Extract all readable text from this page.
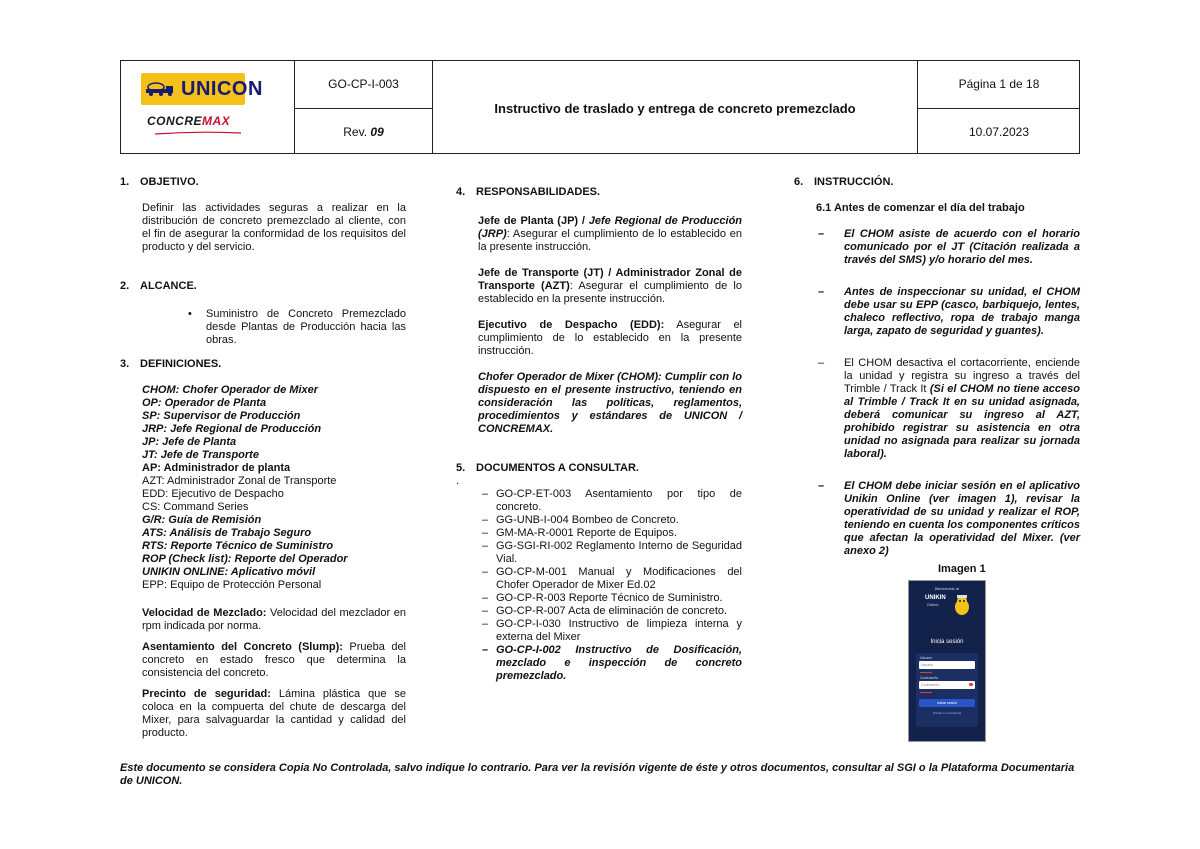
UNICON
CONCREMAX
GO-CP-I-003
Rev.
09
Instructivo de traslado y entrega de concreto premezclado
Página 1 de 18
10.07.2023
1. OBJETIVO.
Definir las actividades seguras a realizar en la distribución de concreto premezclado al cliente, con el fin de asegurar la conformidad de los requisitos del producto y del servicio.
2. ALCANCE.
• Suministro de Concreto Premezclado desde Plantas de Producción hacia las obras.
3. DEFINICIONES.
CHOM: Chofer Operador de Mixer
OP: Operador de Planta
SP: Supervisor de Producción
JRP: Jefe Regional de Producción
JP: Jefe de Planta
JT: Jefe de Transporte
AP: Administrador de planta
AZT: Administrador Zonal de Transporte
EDD: Ejecutivo de Despacho
CS: Command Series
G/R: Guía de Remisión
ATS: Análisis de Trabajo Seguro
RTS: Reporte Técnico de Suministro
ROP (Check list): Reporte del Operador
UNIKIN ONLINE: Aplicativo móvil
EPP: Equipo de Protección Personal
Velocidad de Mezclado: Velocidad del mezclador en rpm indicada por norma.
Asentamiento del Concreto (Slump): Prueba del concreto en estado fresco que determina la consistencia del concreto.
Precinto de seguridad: Lámina plástica que se coloca en la compuerta del chute de descarga del Mixer, para salvaguardar la cantidad y calidad del producto.
4. RESPONSABILIDADES.
Jefe de Planta (JP) / Jefe Regional de Producción (JRP): Asegurar el cumplimiento de lo establecido en la presente instrucción.
Jefe de Transporte (JT) / Administrador Zonal de Transporte (AZT): Asegurar el cumplimiento de lo establecido en la presente instrucción.
Ejecutivo de Despacho (EDD): Asegurar el cumplimiento de lo establecido en la presente instrucción.
Chofer Operador de Mixer (CHOM): Cumplir con lo dispuesto en el presente instructivo, teniendo en consideración las políticas, reglamentos, procedimientos y estándares de UNICON / CONCREMAX.
5. DOCUMENTOS A CONSULTAR.
.
– GO-CP-ET-003 Asentamiento por tipo de concreto.
– GG-UNB-I-004 Bombeo de Concreto.
– GM-MA-R-0001 Reporte de Equipos.
– GG-SGI-RI-002 Reglamento Interno de Seguridad Vial.
– GO-CP-M-001 Manual y Modificaciones del Chofer Operador de Mixer Ed.02
– GO-CP-R-003 Reporte Técnico de Suministro.
– GO-CP-R-007 Acta de eliminación de concreto.
– GO-CP-I-030 Instructivo de limpieza interna y externa del Mixer
– GO-CP-I-002 Instructivo de Dosificación, mezclado e inspección de concreto premezclado.
6. INSTRUCCIÓN.
6.1 Antes de comenzar el día del trabajo
– El CHOM asiste de acuerdo con el horario comunicado por el JT (Citación realizada a través del SMS) y/o horario del mes.
– Antes de inspeccionar su unidad, el CHOM debe usar su EPP (casco, barbiquejo, lentes, chaleco reflectivo, ropa de trabajo manga larga, zapato de seguridad y guantes).
– El CHOM desactiva el cortacorriente, enciende la unidad y registra su ingreso a través del Trimble / Track It (Si el CHOM no tiene acceso al Trimble / Track It en su unidad asignada, deberá comunicar su ingreso al AZT, prohibido registrar su asistencia en otra unidad no asignada para realizar su jornada laboral).
– El CHOM debe iniciar sesión en el aplicativo Unikin Online (ver imagen 1), revisar la operatividad de su unidad y realizar el ROP, teniendo en cuenta los componentes críticos que afectan la operatividad del Mixer. (ver anexo 2)
Imagen 1
Bienvenido al
UNIKIN
Online
Inicia sesión
Usuario
Usuario
Contraseña
Contraseña
Iniciar sesión
Olvidé mi contraseña
Este documento se considera Copia No Controlada, salvo indique lo contrario. Para ver la revisión vigente de éste y otros documentos, consultar al SGI o la Plataforma Documentaria de UNICON.
